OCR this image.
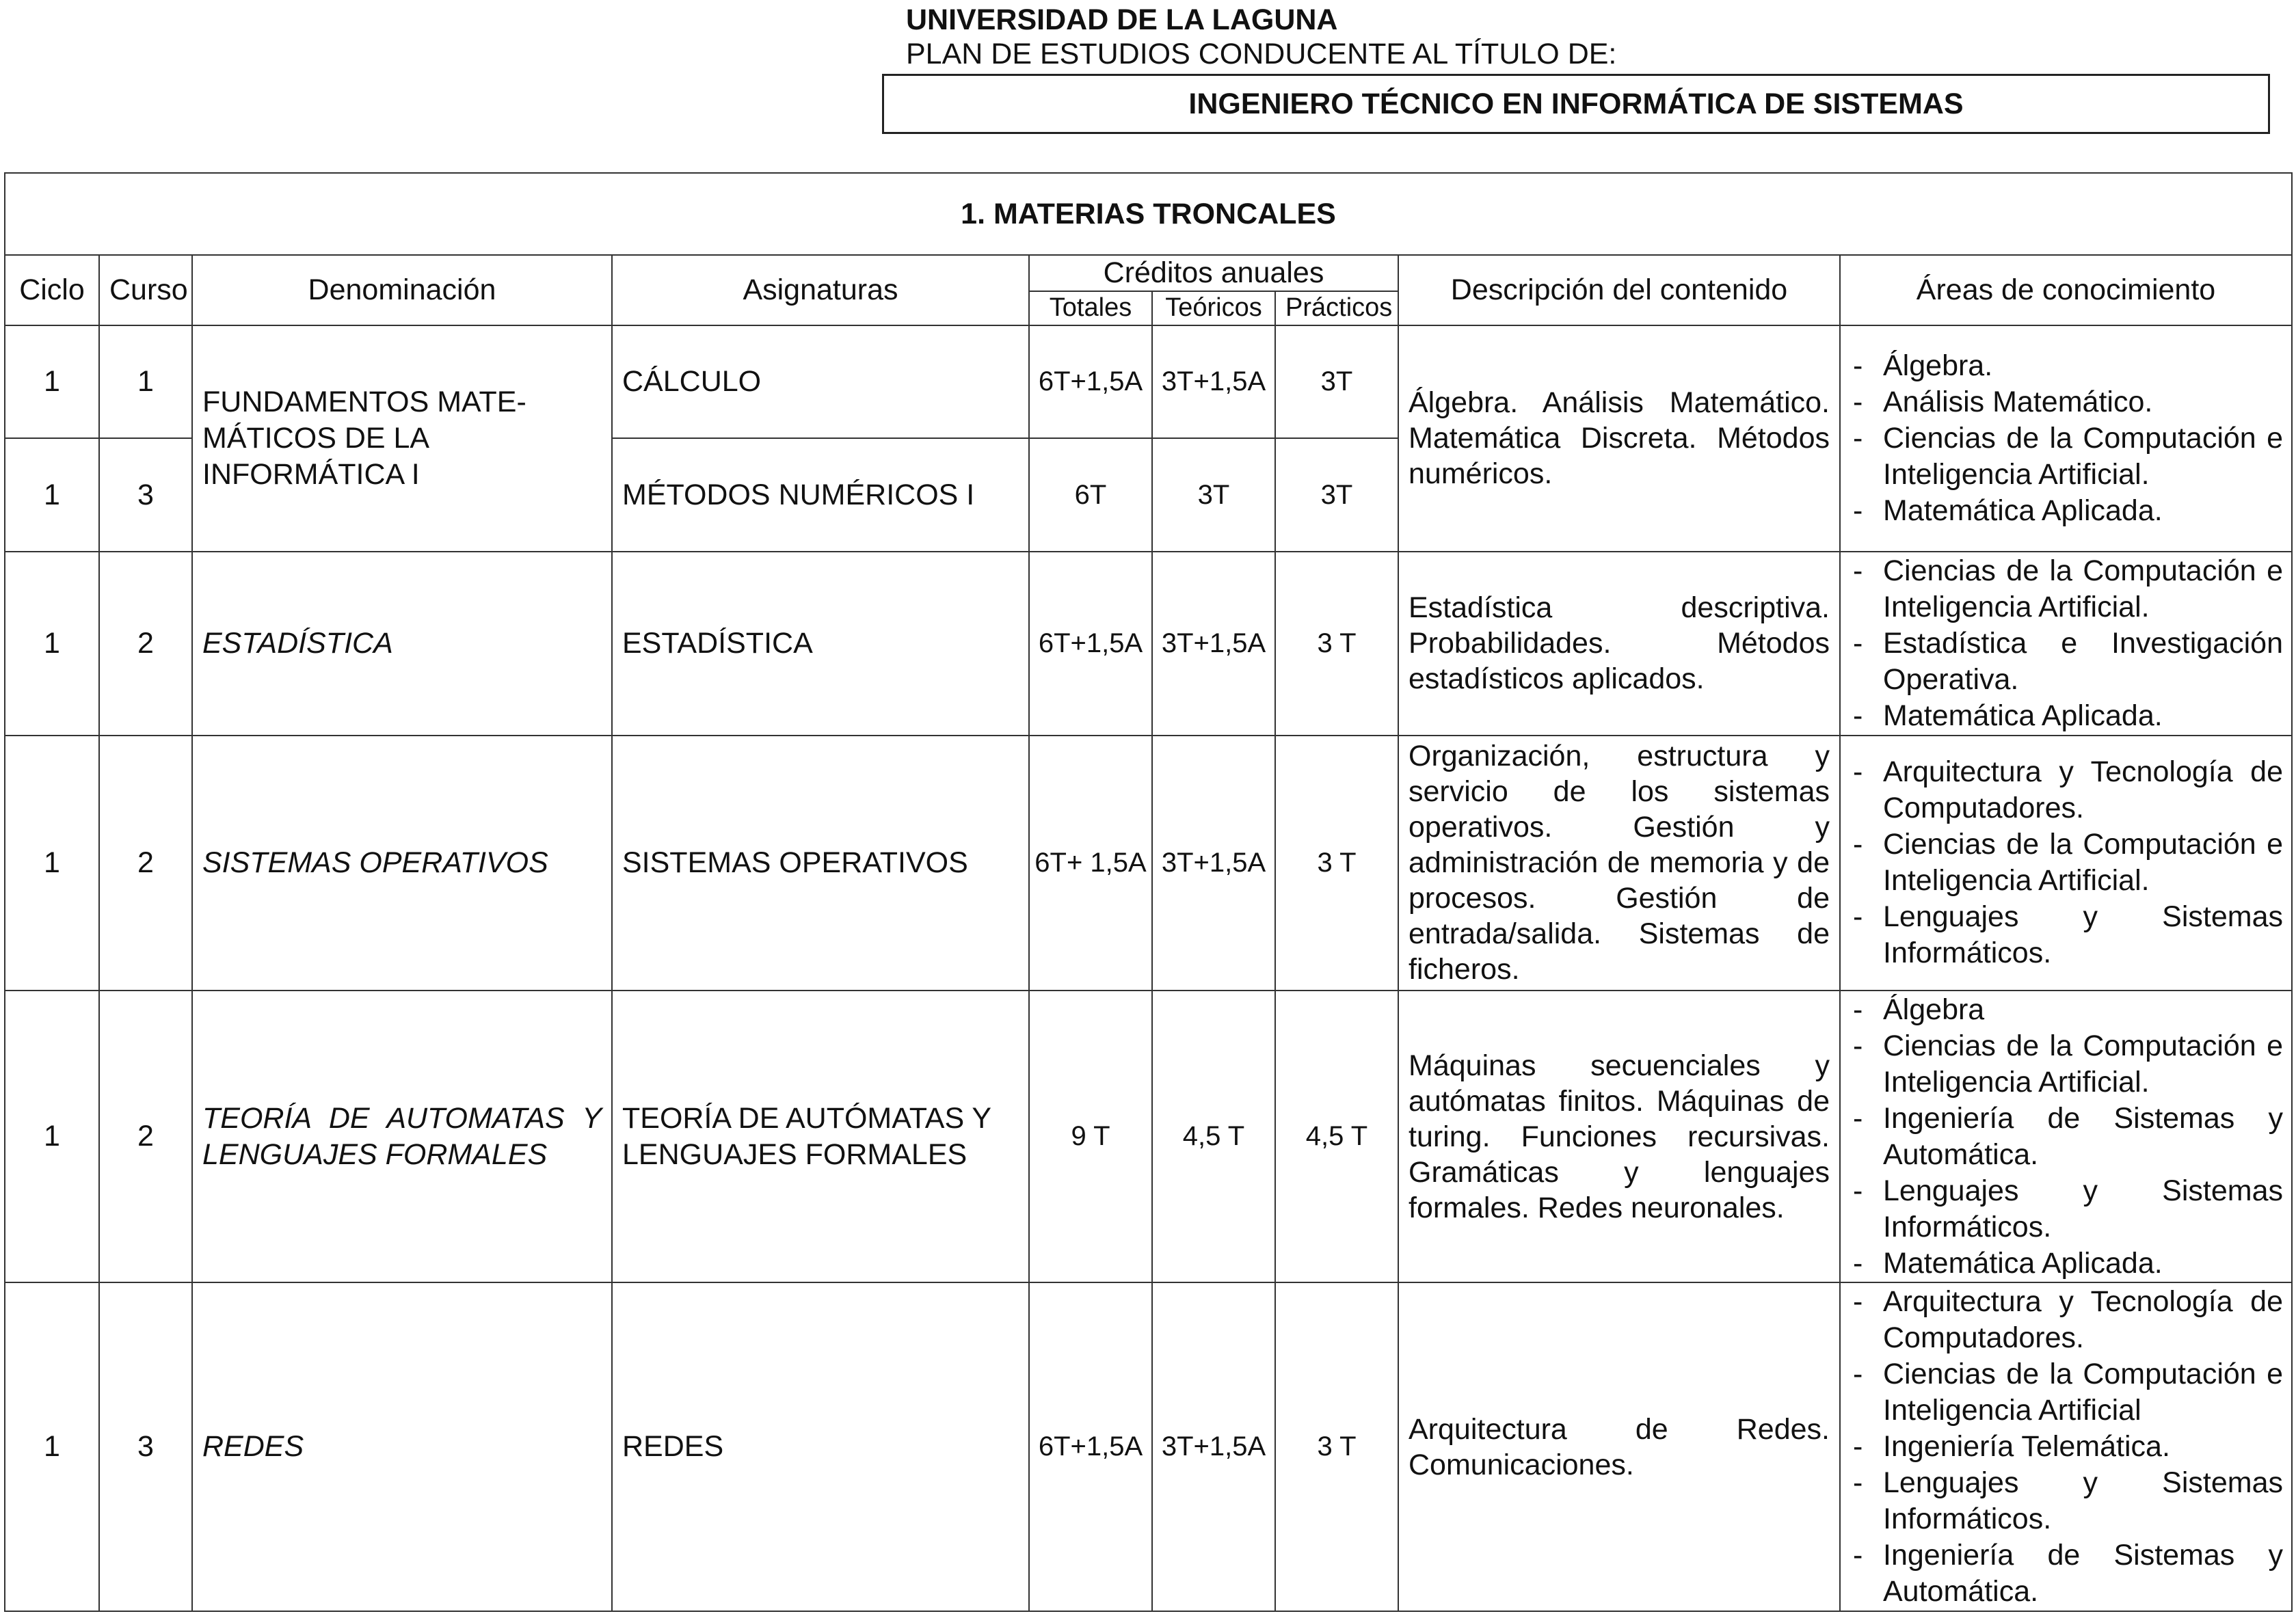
UNIVERSIDAD DE LA LAGUNA
PLAN DE ESTUDIOS CONDUCENTE AL TÍTULO DE:
INGENIERO TÉCNICO EN INFORMÁTICA DE SISTEMAS
1. MATERIAS TRONCALES								
Ciclo	Curso	Denominación	Asignaturas	Créditos anuales			Descripción del contenido	Áreas de conocimiento
				Totales	Teóricos	Prácticos		
1	1	FUNDAMENTOS MATE-MÁTICOS DE LA INFORMÁTICA I	CÁLCULO	6T+1,5A	3T+1,5A	3T	Álgebra. Análisis Matemático. Matemática Discreta. Métodos numéricos.	- Álgebra.
- Análisis Matemático.
- Ciencias de la Computación e Inteligencia Artificial.
- Matemática Aplicada.

1	3		MÉTODOS NUMÉRICOS I	6T	3T	3T		
1	2	ESTADÍSTICA	ESTADÍSTICA	6T+1,5A	3T+1,5A	3 T	Estadística descriptiva. Probabilidades. Métodos estadísticos aplicados.	- Ciencias de la Computación e Inteligencia Artificial.
- Estadística e Investigación Operativa.
- Matemática Aplicada.

1	2	SISTEMAS OPERATIVOS	SISTEMAS OPERATIVOS	6T+ 1,5A	3T+1,5A	3 T	Organización, estructura y servicio de los sistemas operativos. Gestión y administración de memoria y de procesos. Gestión de entrada/salida. Sistemas de ficheros.	- Arquitectura y Tecnología de Computadores.
- Ciencias de la Computación e Inteligencia Artificial.
- Lenguajes y Sistemas Informáticos.

1	2	TEORÍA DE AUTOMATAS Y LENGUAJES FORMALES	TEORÍA DE AUTÓMATAS Y LENGUAJES FORMALES	9 T	4,5 T	4,5 T	Máquinas secuenciales y autómatas finitos. Máquinas de turing. Funciones recursivas. Gramáticas y lenguajes formales. Redes neuronales.	- Álgebra
- Ciencias de la Computación e Inteligencia Artificial.
- Ingeniería de Sistemas y Automática.
- Lenguajes y Sistemas Informáticos.
- Matemática Aplicada.

1	3	REDES	REDES	6T+1,5A	3T+1,5A	3 T	Arquitectura de Redes. Comunicaciones.	- Arquitectura y Tecnología de Computadores.
- Ciencias de la Computación e Inteligencia Artificial
- Ingeniería Telemática.
- Lenguajes y Sistemas Informáticos.
- Ingeniería de Sistemas y Automática.
